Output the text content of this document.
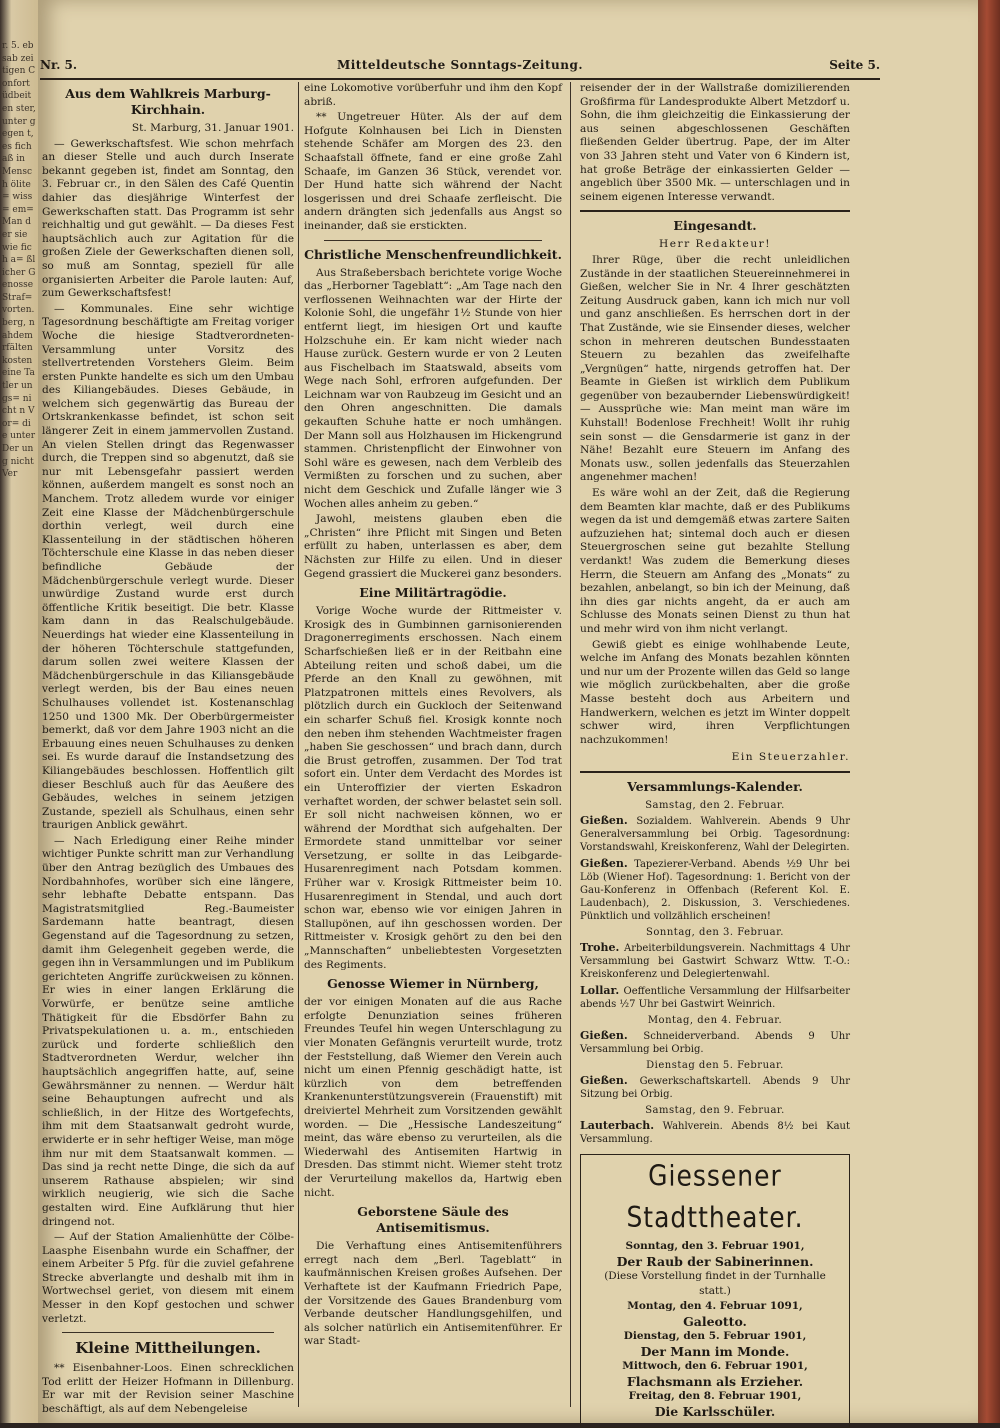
r. 5. ebsab zeitigen Confort üdbeiten ster, unter gegen t, es fich aß in Mensch ölite= wiss= em= Man der sie wie fich a= ßlicher Genosse Straf= vorten. berg, nahdem rfälten kosten eine Tatler ungs= nicht n Vor= die unter Der ung nicht Ver
Nr. 5.	Mitteldeutsche Sonntags-Zeitung.	Seite 5.
Aus dem Wahlkreis Marburg-Kirchhain.
St. Marburg, 31. Januar 1901.

— Gewerkschaftsfest. Wie schon mehrfach an dieser Stelle und auch durch Inserate bekannt gegeben ist, findet am Sonntag, den 3. Februar cr., in den Sälen des Café Quentin dahier das diesjährige Winterfest der Gewerkschaften statt. Das Programm ist sehr reichhaltig und gut gewählt. — Da dieses Fest hauptsächlich auch zur Agitation für die großen Ziele der Gewerkschaften dienen soll, so muß am Sonntag, speziell für alle organisierten Arbeiter die Parole lauten: Auf, zum Gewerkschaftsfest!

— Kommunales. Eine sehr wichtige Tagesordnung beschäftigte am Freitag voriger Woche die hiesige Stadtverordneten-Versammlung unter Vorsitz des stellvertretenden Vorstehers Gleim. Beim ersten Punkte handelte es sich um den Umbau des Kiliangebäudes. Dieses Gebäude, in welchem sich gegenwärtig das Bureau der Ortskrankenkasse befindet, ist schon seit längerer Zeit in einem jammervollen Zustand. An vielen Stellen dringt das Regenwasser durch, die Treppen sind so abgenutzt, daß sie nur mit Lebensgefahr passiert werden können, außerdem mangelt es sonst noch an Manchem. Trotz alledem wurde vor einiger Zeit eine Klasse der Mädchenbürgerschule dorthin verlegt, weil durch eine Klassenteilung in der städtischen höheren Töchterschule eine Klasse in das neben dieser befindliche Gebäude der Mädchenbürgerschule verlegt wurde. Dieser unwürdige Zustand wurde erst durch öffentliche Kritik beseitigt. Die betr. Klasse kam dann in das Realschulgebäude. Neuerdings hat wieder eine Klassenteilung in der höheren Töchterschule stattgefunden, darum sollen zwei weitere Klassen der Mädchenbürgerschule in das Kiliansgebäude verlegt werden, bis der Bau eines neuen Schulhauses vollendet ist. Kostenanschlag 1250 und 1300 Mk. Der Oberbürgermeister bemerkt, daß vor dem Jahre 1903 nicht an die Erbauung eines neuen Schulhauses zu denken sei. Es wurde darauf die Instandsetzung des Kiliangebäudes beschlossen. Hoffentlich gilt dieser Beschluß auch für das Aeußere des Gebäudes, welches in seinem jetzigen Zustande, speziell als Schulhaus, einen sehr traurigen Anblick gewährt.

— Nach Erledigung einer Reihe minder wichtiger Punkte schritt man zur Verhandlung über den Antrag bezüglich des Umbaues des Nordbahnhofes, worüber sich eine längere, sehr lebhafte Debatte entspann. Das Magistratsmitglied Reg.-Baumeister Sardemann hatte beantragt, diesen Gegenstand auf die Tagesordnung zu setzen, damit ihm Gelegenheit gegeben werde, die gegen ihn in Versammlungen und im Publikum gerichteten Angriffe zurückweisen zu können. Er wies in einer langen Erklärung die Vorwürfe, er benütze seine amtliche Thätigkeit für die Ebsdörfer Bahn zu Privatspekulationen u. a. m., entschieden zurück und forderte schließlich den Stadtverordneten Werdur, welcher ihn hauptsächlich angegriffen hatte, auf, seine Gewährsmänner zu nennen. — Werdur hält seine Behauptungen aufrecht und als schließlich, in der Hitze des Wortgefechts, ihm mit dem Staatsanwalt gedroht wurde, erwiderte er in sehr heftiger Weise, man möge ihm nur mit dem Staatsanwalt kommen. — Das sind ja recht nette Dinge, die sich da auf unserem Rathause abspielen; wir sind wirklich neugierig, wie sich die Sache gestalten wird. Eine Aufklärung thut hier dringend not.

— Auf der Station Amalienhütte der Cölbe-Laasphe Eisenbahn wurde ein Schaffner, der einem Arbeiter 5 Pfg. für die zuviel gefahrene Strecke abverlangte und deshalb mit ihm in Wortwechsel geriet, von diesem mit einem Messer in den Kopf gestochen und schwer verletzt.

Kleine Mittheilungen.

** Eisenbahner-Loos. Einen schrecklichen Tod erlitt der Heizer Hofmann in Dillenburg. Er war mit der Revision seiner Maschine beschäftigt, als auf dem Nebengeleise

eine Lokomotive vorüberfuhr und ihm den Kopf abriß.

** Ungetreuer Hüter. Als der auf dem Hofgute Kolnhausen bei Lich in Diensten stehende Schäfer am Morgen des 23. den Schaafstall öffnete, fand er eine große Zahl Schaafe, im Ganzen 36 Stück, verendet vor. Der Hund hatte sich während der Nacht losgerissen und drei Schaafe zerfleischt. Die andern drängten sich jedenfalls aus Angst so ineinander, daß sie erstickten.

Christliche Menschenfreundlichkeit.

Aus Straßebersbach berichtete vorige Woche das „Herborner Tageblatt“: „Am Tage nach den verflossenen Weihnachten war der Hirte der Kolonie Sohl, die ungefähr 1½ Stunde von hier entfernt liegt, im hiesigen Ort und kaufte Holzschuhe ein. Er kam nicht wieder nach Hause zurück. Gestern wurde er von 2 Leuten aus Fischelbach im Staatswald, abseits vom Wege nach Sohl, erfroren aufgefunden. Der Leichnam war von Raubzeug im Gesicht und an den Ohren angeschnitten. Die damals gekauften Schuhe hatte er noch umhängen. Der Mann soll aus Holzhausen im Hickengrund stammen. Christenpflicht der Einwohner von Sohl wäre es gewesen, nach dem Verbleib des Vermißten zu forschen und zu suchen, aber nicht dem Geschick und Zufalle länger wie 3 Wochen alles anheim zu geben.“

Jawohl, meistens glauben eben die „Christen“ ihre Pflicht mit Singen und Beten erfüllt zu haben, unterlassen es aber, dem Nächsten zur Hilfe zu eilen. Und in dieser Gegend grassiert die Muckerei ganz besonders.

Eine Militärtragödie.

Vorige Woche wurde der Rittmeister v. Krosigk des in Gumbinnen garnisonierenden Dragonerregiments erschossen. Nach einem Scharfschießen ließ er in der Reitbahn eine Abteilung reiten und schoß dabei, um die Pferde an den Knall zu gewöhnen, mit Platzpatronen mittels eines Revolvers, als plötzlich durch ein Guckloch der Seitenwand ein scharfer Schuß fiel. Krosigk konnte noch den neben ihm stehenden Wachtmeister fragen „haben Sie geschossen“ und brach dann, durch die Brust getroffen, zusammen. Der Tod trat sofort ein. Unter dem Verdacht des Mordes ist ein Unteroffizier der vierten Eskadron verhaftet worden, der schwer belastet sein soll. Er soll nicht nachweisen können, wo er während der Mordthat sich aufgehalten. Der Ermordete stand unmittelbar vor seiner Versetzung, er sollte in das Leibgarde-Husarenregiment nach Potsdam kommen. Früher war v. Krosigk Rittmeister beim 10. Husarenregiment in Stendal, und auch dort schon war, ebenso wie vor einigen Jahren in Stallupönen, auf ihn geschossen worden. Der Rittmeister v. Krosigk gehört zu den bei den „Mannschaften“ unbeliebtesten Vorgesetzten des Regiments.

Genosse Wiemer in Nürnberg,

der vor einigen Monaten auf die aus Rache erfolgte Denunziation seines früheren Freundes Teufel hin wegen Unterschlagung zu vier Monaten Gefängnis verurteilt wurde, trotz der Feststellung, daß Wiemer den Verein auch nicht um einen Pfennig geschädigt hatte, ist kürzlich von dem betreffenden Krankenunterstützungsverein (Frauenstift) mit dreiviertel Mehrheit zum Vorsitzenden gewählt worden. — Die „Hessische Landeszeitung“ meint, das wäre ebenso zu verurteilen, als die Wiederwahl des Antisemiten Hartwig in Dresden. Das stimmt nicht. Wiemer steht trotz der Verurteilung makellos da, Hartwig eben nicht.

Geborstene Säule des Antisemitismus.

Die Verhaftung eines Antisemitenführers erregt nach dem „Berl. Tageblatt“ in kaufmännischen Kreisen großes Aufsehen. Der Verhaftete ist der Kaufmann Friedrich Pape, der Vorsitzende des Gaues Brandenburg vom Verbande deutscher Handlungsgehilfen, und als solcher natürlich ein Antisemitenführer. Er war Stadt-

reisender der in der Wallstraße domizilierenden Großfirma für Landesprodukte Albert Metzdorf u. Sohn, die ihm gleichzeitig die Einkassierung der aus seinen abgeschlossenen Geschäften fließenden Gelder übertrug. Pape, der im Alter von 33 Jahren steht und Vater von 6 Kindern ist, hat große Beträge der einkassierten Gelder — angeblich über 3500 Mk. — unterschlagen und in seinem eigenen Interesse verwandt.

Eingesandt.
Herr Redakteur!

Ihrer Rüge, über die recht unleidlichen Zustände in der staatlichen Steuereinnehmerei in Gießen, welcher Sie in Nr. 4 Ihrer geschätzten Zeitung Ausdruck gaben, kann ich mich nur voll und ganz anschließen. Es herrschen dort in der That Zustände, wie sie Einsender dieses, welcher schon in mehreren deutschen Bundesstaaten Steuern zu bezahlen das zweifelhafte „Vergnügen“ hatte, nirgends getroffen hat. Der Beamte in Gießen ist wirklich dem Publikum gegenüber von bezaubernder Liebenswürdigkeit! — Aussprüche wie: Man meint man wäre im Kuhstall! Bodenlose Frechheit! Wollt ihr ruhig sein sonst — die Gensdarmerie ist ganz in der Nähe! Bezahlt eure Steuern im Anfang des Monats usw., sollen jedenfalls das Steuerzahlen angenehmer machen!

Es wäre wohl an der Zeit, daß die Regierung dem Beamten klar machte, daß er des Publikums wegen da ist und demgemäß etwas zartere Saiten aufzuziehen hat; sintemal doch auch er diesen Steuergroschen seine gut bezahlte Stellung verdankt! Was zudem die Bemerkung dieses Herrn, die Steuern am Anfang des „Monats“ zu bezahlen, anbelangt, so bin ich der Meinung, daß ihn dies gar nichts angeht, da er auch am Schlusse des Monats seinen Dienst zu thun hat und mehr wird von ihm nicht verlangt.

Gewiß giebt es einige wohlhabende Leute, welche im Anfang des Monats bezahlen könnten und nur um der Prozente willen das Geld so lange wie möglich zurückbehalten, aber die große Masse besteht doch aus Arbeitern und Handwerkern, welchen es jetzt im Winter doppelt schwer wird, ihren Verpflichtungen nachzukommen!

Ein Steuerzahler.
Versammlungs-Kalender.
Samstag, den 2. Februar.

Gießen. Sozialdem. Wahlverein. Abends 9 Uhr Generalversammlung bei Orbig. Tagesordnung: Vorstandswahl, Kreiskonferenz, Wahl der Delegirten.

Gießen. Tapezierer-Verband. Abends ½9 Uhr bei Löb (Wiener Hof). Tagesordnung: 1. Bericht von der Gau-Konferenz in Offenbach (Referent Kol. E. Laudenbach), 2. Diskussion, 3. Verschiedenes. Pünktlich und vollzählich erscheinen!

Sonntag, den 3. Februar.

Trohe. Arbeiterbildungsverein. Nachmittags 4 Uhr Versammlung bei Gastwirt Schwarz Wttw. T.-O.: Kreiskonferenz und Delegiertenwahl.

Lollar. Oeffentliche Versammlung der Hilfsarbeiter abends ½7 Uhr bei Gastwirt Weinrich.

Montag, den 4. Februar.

Gießen. Schneiderverband. Abends 9 Uhr Versammlung bei Orbig.

Dienstag den 5. Februar.

Gießen. Gewerkschaftskartell. Abends 9 Uhr Sitzung bei Orbig.

Samstag, den 9. Februar.

Lauterbach. Wahlverein. Abends 8½ bei Kaut Versammlung.

Giessener Stadttheater.
Sonntag, den 3. Februar 1901,
Der Raub der Sabinerinnen.
(Diese Vorstellung findet in der Turnhalle statt.)
Montag, den 4. Februar 1091,
Galeotto.
Dienstag, den 5. Februar 1901,
Der Mann im Monde.
Mittwoch, den 6. Februar 1901,
Flachsmann als Erzieher.
Freitag, den 8. Februar 1901,
Die Karlsschüler.
